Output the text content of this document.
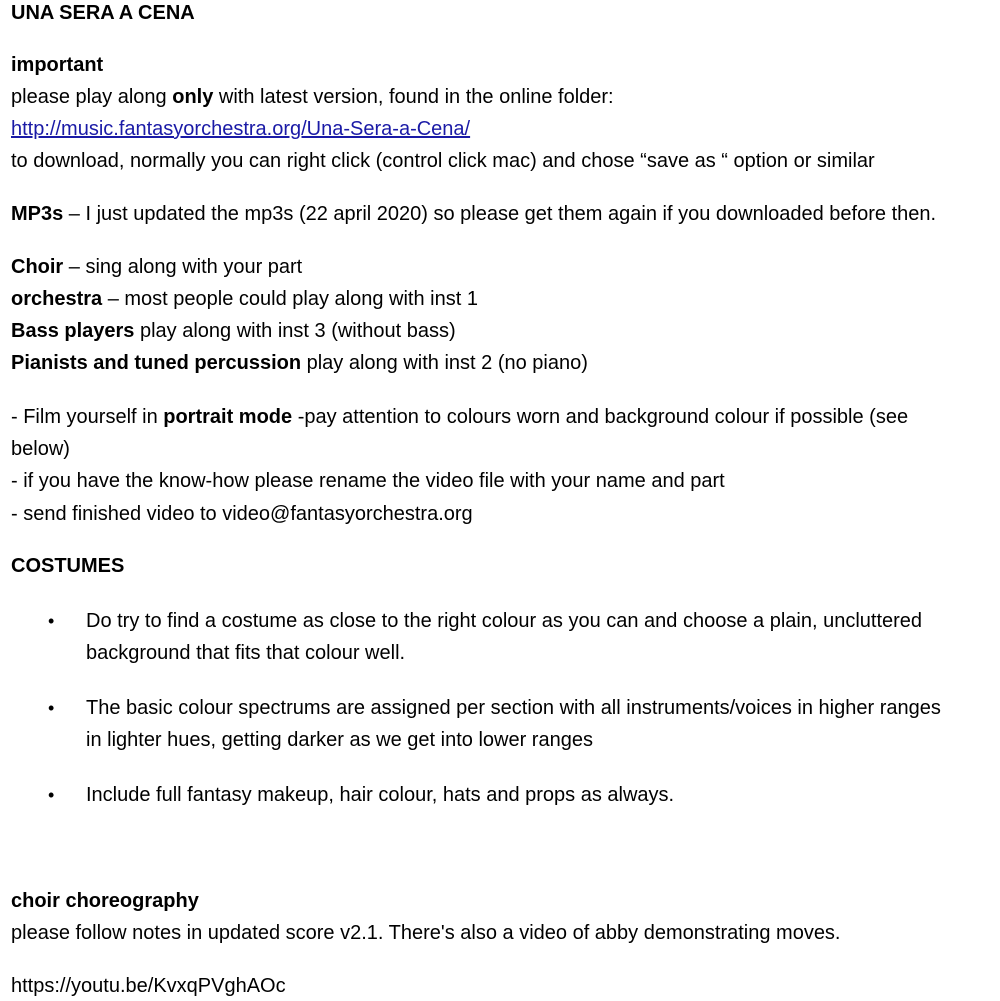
UNA SERA A CENA
important
please play along only with latest version, found in the online folder:
http://music.fantasyorchestra.org/Una-Sera-a-Cena/
to download, normally you can right click (control click mac) and chose “save as “ option or similar
MP3s – I just updated the mp3s (22 april 2020) so please get them again if you downloaded before then.
Choir – sing along with your part
orchestra – most people could play along with inst 1
Bass players play along with inst 3 (without bass)
Pianists and tuned percussion play along with inst 2 (no piano)
- Film yourself in portrait mode -pay attention to colours worn and background colour if possible (see
below)
- if you have the know-how please rename the video file with your name and part
- send finished video to video@fantasyorchestra.org
COSTUMES
• Do try to find a costume as close to the right colour as you can and choose a plain, uncluttered
background that fits that colour well.
• The basic colour spectrums are assigned per section with all instruments/voices in higher ranges
in lighter hues, getting darker as we get into lower ranges
• Include full fantasy makeup, hair colour, hats and props as always.
choir choreography
please follow notes in updated score v2.1. There's also a video of abby demonstrating moves.
https://youtu.be/KvxqPVghAOc
